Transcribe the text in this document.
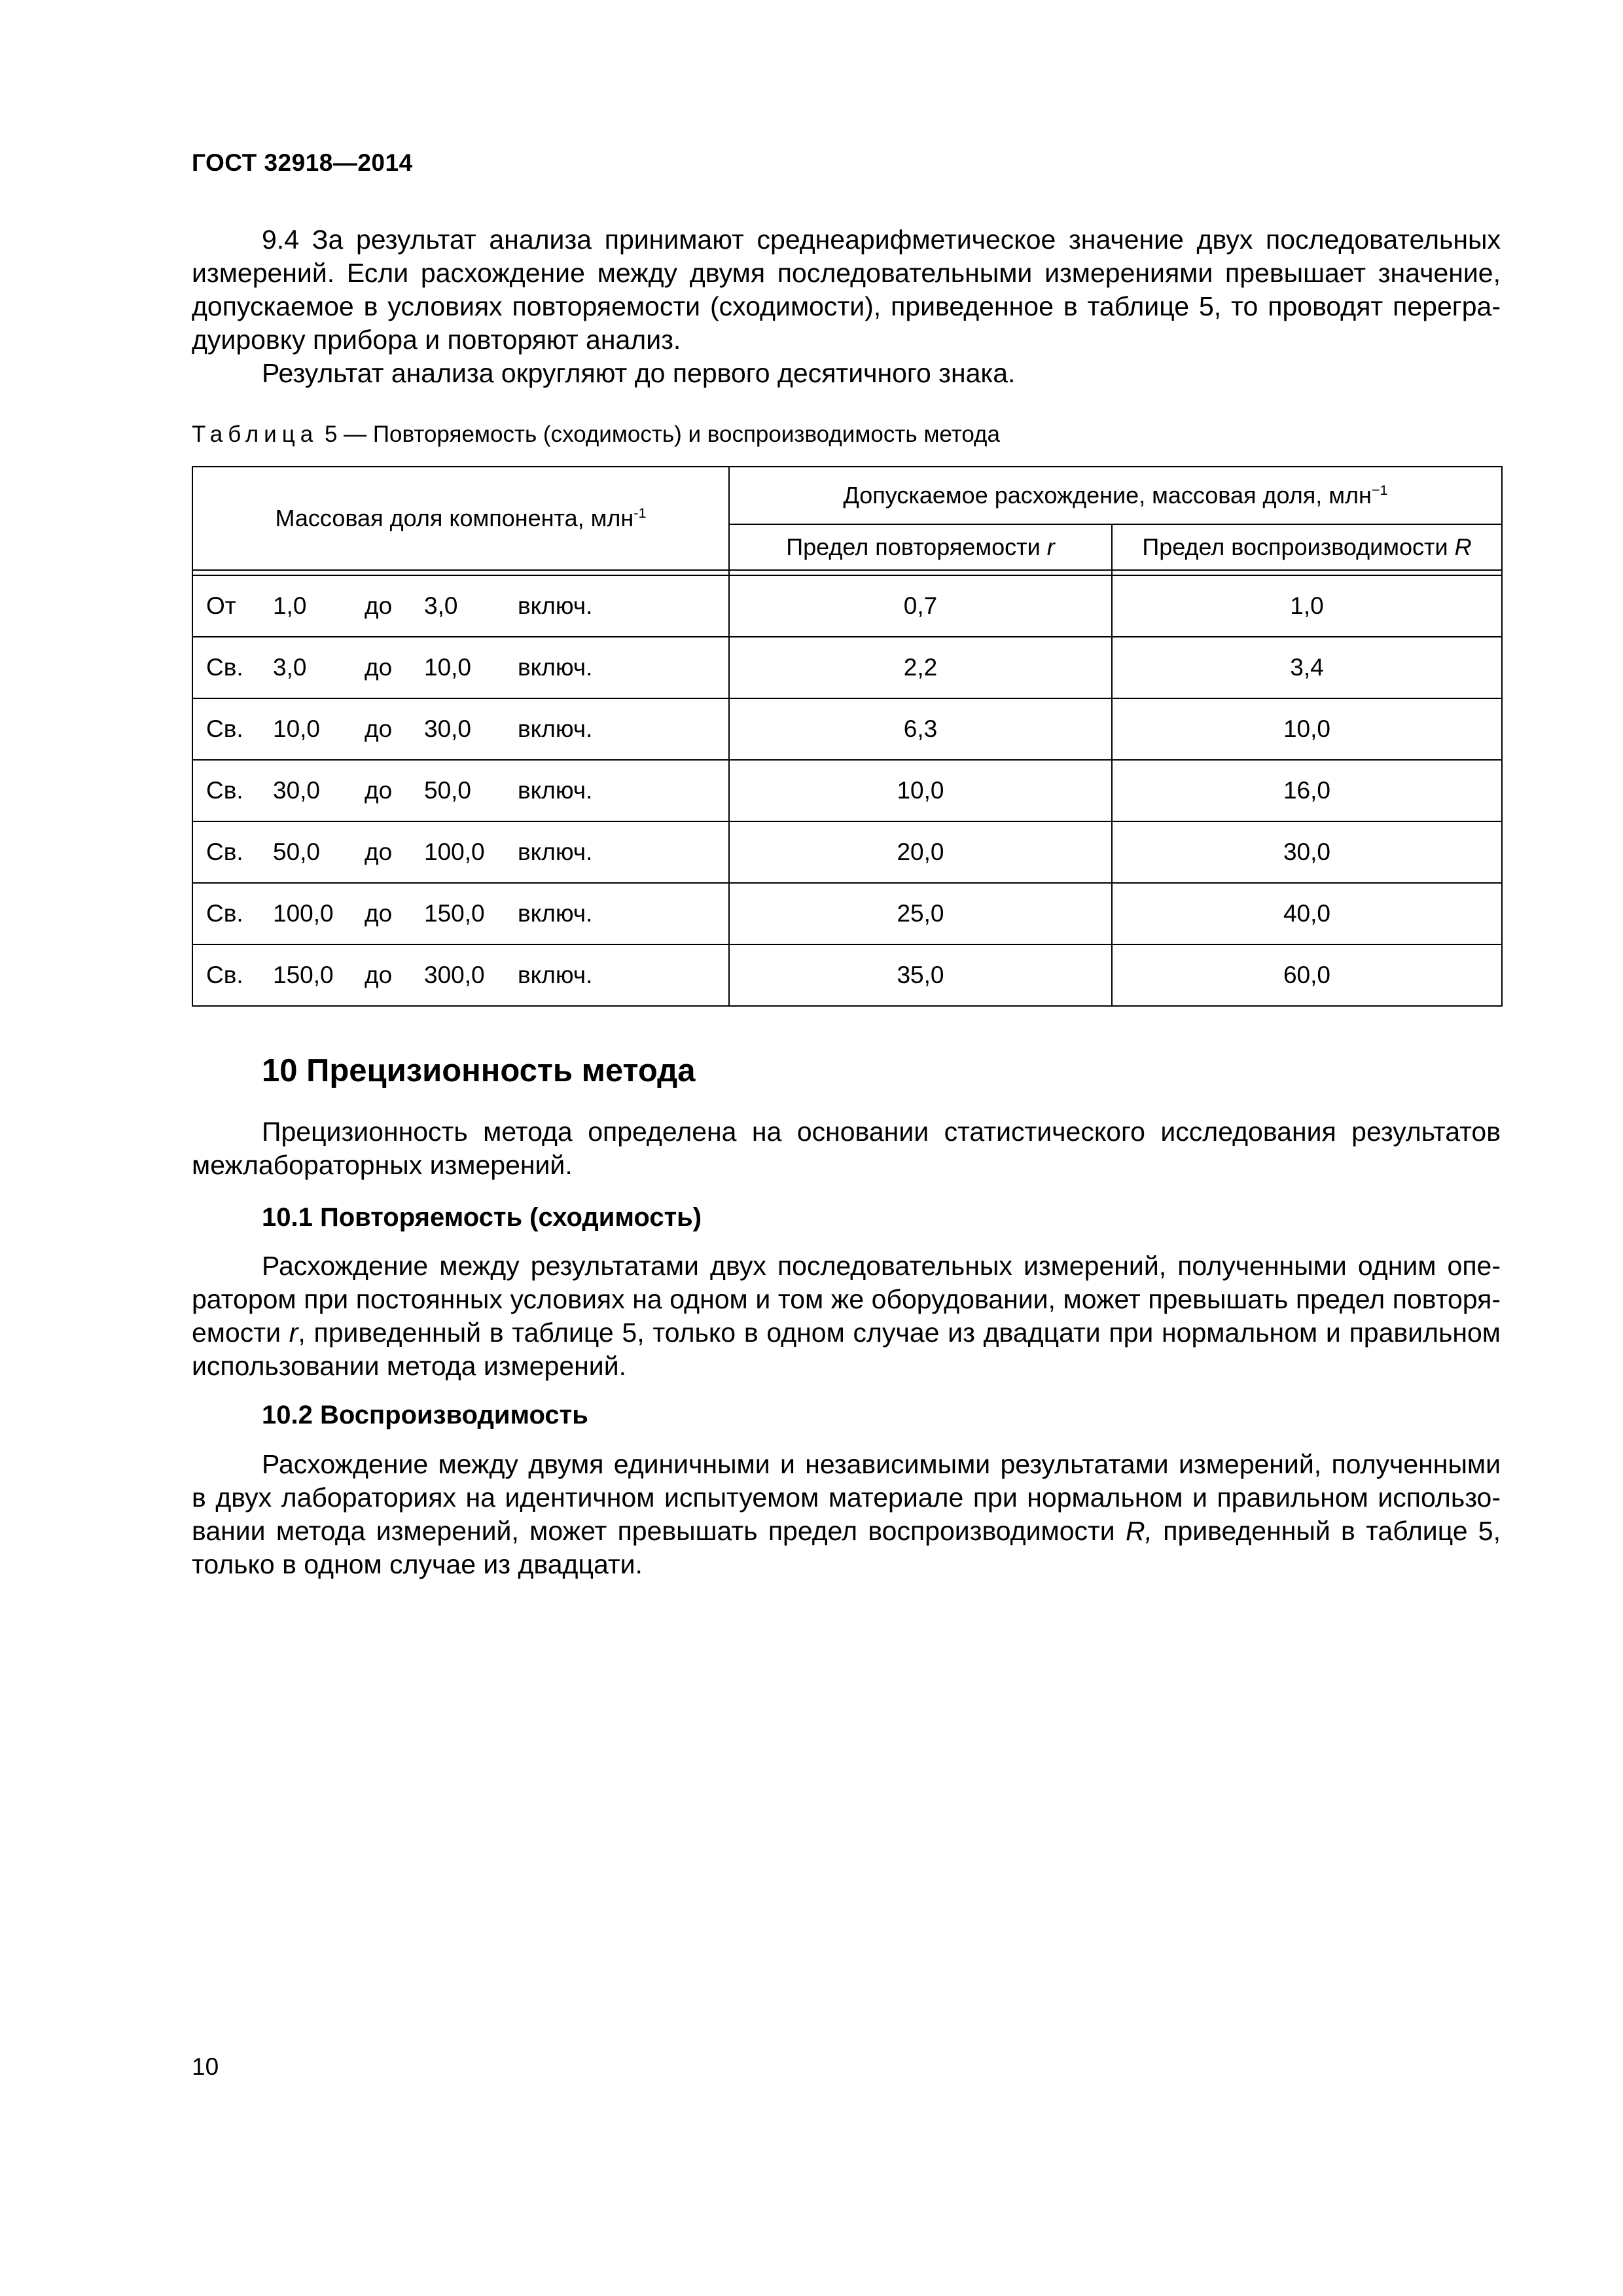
ГОСТ 32918—2014
9.4 За результат анализа принимают среднеарифметическое значение двух последовательных измерений. Если расхождение между двумя последовательными измерениями превышает значение, допускаемое в условиях повторяемости (сходимости), приведенное в таблице 5, то проводят перегра-дуировку прибора и повторяют анализ.
Результат анализа округляют до первого десятичного знака.
Таблица 5 — Повторяемость (сходимость) и воспроизводимость метода
Массовая доля компонента, млн$^{-1}$	Допускаемое расхождение, массовая доля, млн$^{-1}$
	Предел повторяемости r	Предел воспроизводимости R

От 1,0 до 3,0 включ.	0,7	1,0

Св. 3,0 до 10,0 включ.	2,2	3,4

Св. 10,0 до 30,0 включ.	6,3	10,0

Св. 30,0 до 50,0 включ.	10,0	16,0

Св. 50,0 до 100,0 включ.	20,0	30,0

Св. 100,0 до 150,0 включ.	25,0	40,0

Св. 150,0 до 300,0 включ.	35,0	60,0
10 Прецизионность метода
Прецизионность метода определена на основании статистического исследования результатов межлабораторных измерений.
10.1 Повторяемость (сходимость)
Расхождение между результатами двух последовательных измерений, полученными одним опе-ратором при постоянных условиях на одном и том же оборудовании, может превышать предел повторя-емости r, приведенный в таблице 5, только в одном случае из двадцати при нормальном и правильном использовании метода измерений.
10.2 Воспроизводимость
Расхождение между двумя единичными и независимыми результатами измерений, полученными в двух лабораториях на идентичном испытуемом материале при нормальном и правильном использо-вании метода измерений, может превышать предел воспроизводимости R, приведенный в таблице 5, только в одном случае из двадцати.
10
